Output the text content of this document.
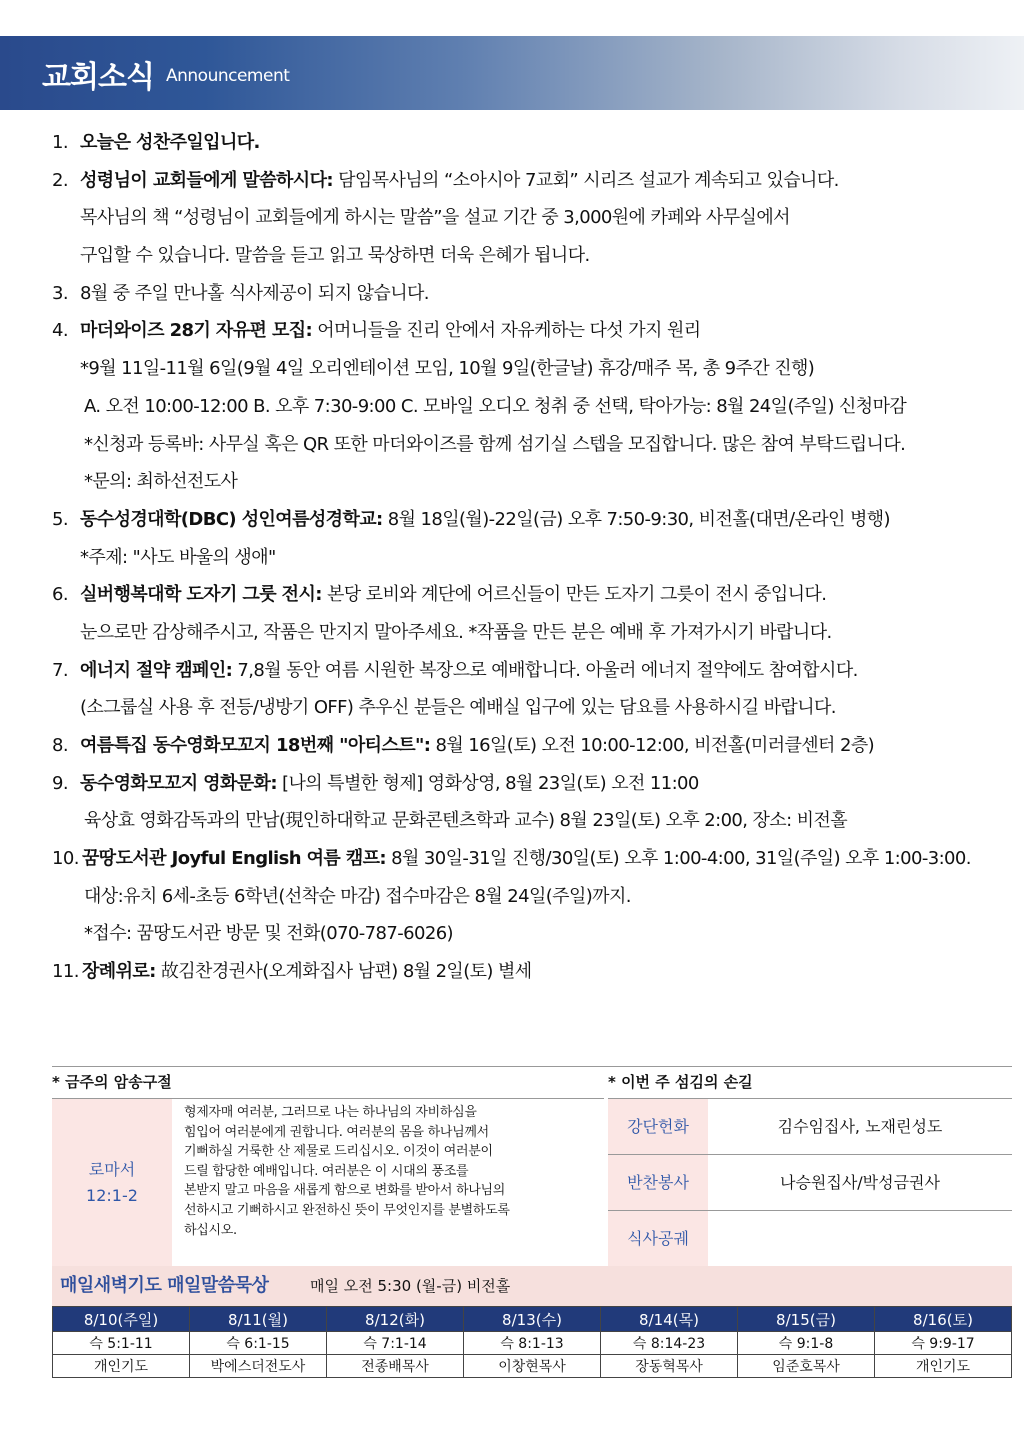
교회소식 Announcement
1. 오늘은 성찬주일입니다.
2. 성령님이 교회들에게 말씀하시다: 담임목사님의 “소아시아 7교회” 시리즈 설교가 계속되고 있습니다.
목사님의 책 “성령님이 교회들에게 하시는 말씀”을 설교 기간 중 3,000원에 카페와 사무실에서
구입할 수 있습니다. 말씀을 듣고 읽고 묵상하면 더욱 은혜가 됩니다.
3. 8월 중 주일 만나홀 식사제공이 되지 않습니다.
4. 마더와이즈 28기 자유편 모집: 어머니들을 진리 안에서 자유케하는 다섯 가지 원리
*9월 11일-11월 6일(9월 4일 오리엔테이션 모임, 10월 9일(한글날) 휴강/매주 목, 총 9주간 진행)
A. 오전 10:00-12:00 B. 오후 7:30-9:00 C. 모바일 오디오 청취 중 선택, 탁아가능: 8월 24일(주일) 신청마감
*신청과 등록바: 사무실 혹은 QR 또한 마더와이즈를 함께 섬기실 스텝을 모집합니다. 많은 참여 부탁드립니다.
*문의: 최하선전도사
5. 동수성경대학(DBC) 성인여름성경학교: 8월 18일(월)-22일(금) 오후 7:50-9:30, 비전홀(대면/온라인 병행)
*주제: "사도 바울의 생애"
6. 실버행복대학 도자기 그룻 전시: 본당 로비와 계단에 어르신들이 만든 도자기 그릇이 전시 중입니다.
눈으로만 감상해주시고, 작품은 만지지 말아주세요. *작품을 만든 분은 예배 후 가져가시기 바랍니다.
7. 에너지 절약 캠페인: 7,8월 동안 여름 시원한 복장으로 예배합니다. 아울러 에너지 절약에도 참여합시다.
(소그룹실 사용 후 전등/냉방기 OFF) 추우신 분들은 예배실 입구에 있는 담요를 사용하시길 바랍니다.
8. 여름특집 동수영화모꼬지 18번째 "아티스트": 8월 16일(토) 오전 10:00-12:00, 비전홀(미러클센터 2층)
9. 동수영화모꼬지 영화문화: [나의 특별한 형제] 영화상영, 8월 23일(토) 오전 11:00
육상효 영화감독과의 만남(現인하대학교 문화콘텐츠학과 교수) 8월 23일(토) 오후 2:00, 장소: 비전홀
10. 꿈땅도서관 Joyful English 여름 캠프: 8월 30일-31일 진행/30일(토) 오후 1:00-4:00, 31일(주일) 오후 1:00-3:00.
대상:유치 6세-초등 6학년(선착순 마감) 접수마감은 8월 24일(주일)까지.
*접수: 꿈땅도서관 방문 및 전화(070-787-6026)
11. 장례위로: 故김찬경권사(오계화집사 남편) 8월 2일(토) 별세
* 금주의 암송구절	* 이번 주 섬김의 손길
로마서
12:1-2
형제자매 여러분, 그러므로 나는 하나님의 자비하심을
힘입어 여러분에게 권합니다. 여러분의 몸을 하나님께서
기뻐하실 거룩한 산 제물로 드리십시오. 이것이 여러분이
드릴 합당한 예배입니다. 여러분은 이 시대의 풍조를
본받지 말고 마음을 새롭게 함으로 변화를 받아서 하나님의
선하시고 기뻐하시고 완전하신 뜻이 무엇인지를 분별하도록
하십시오.
강단헌화	김수임집사, 노재린성도
반찬봉사	나승원집사/박성금권사
식사공궤
매일새벽기도 매일말씀묵상	매일 오전 5:30 (월-금) 비전홀
8/10(주일)	8/11(월)	8/12(화)	8/13(수)	8/14(목)	8/15(금)	8/16(토)
슥 5:1-11	슥 6:1-15	슥 7:1-14	슥 8:1-13	슥 8:14-23	슥 9:1-8	슥 9:9-17
개인기도	박에스더전도사	전종배목사	이창현목사	장동혁목사	임준호목사	개인기도
